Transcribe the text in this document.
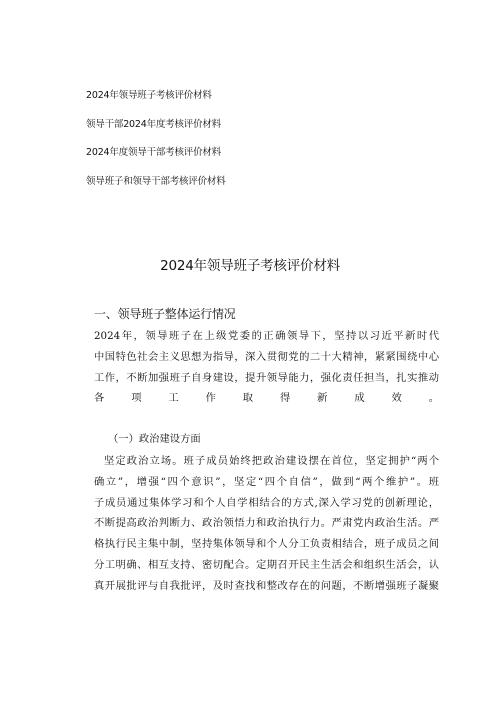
2024年领导班子考核评价材料
领导干部2024年度考核评价材料
2024年度领导干部考核评价材料
领导班子和领导干部考核评价材料
2024年领导班子考核评价材料
一、领导班子整体运行情况
2024年，领导班子在上级党委的正确领导下，坚持以习近平新时代
中国特色社会主义思想为指导，深入贯彻党的二十大精神，紧紧围绕中心
工作，不断加强班子自身建设，提升领导能力，强化责任担当，扎实推动
各项工作取得新成效。
（一）政治建设方面
坚定政治立场。班子成员始终把政治建设摆在首位，坚定拥护“两个
确立”，增强“四个意识”，坚定“四个自信”，做到“两个维护”。班
子成员通过集体学习和个人自学相结合的方式,深入学习党的创新理论，
不断提高政治判断力、政治领悟力和政治执行力。严肃党内政治生活。严
格执行民主集中制，坚持集体领导和个人分工负责相结合，班子成员之间
分工明确、相互支持、密切配合。定期召开民主生活会和组织生活会，认
真开展批评与自我批评，及时查找和整改存在的问题，不断增强班子凝聚
